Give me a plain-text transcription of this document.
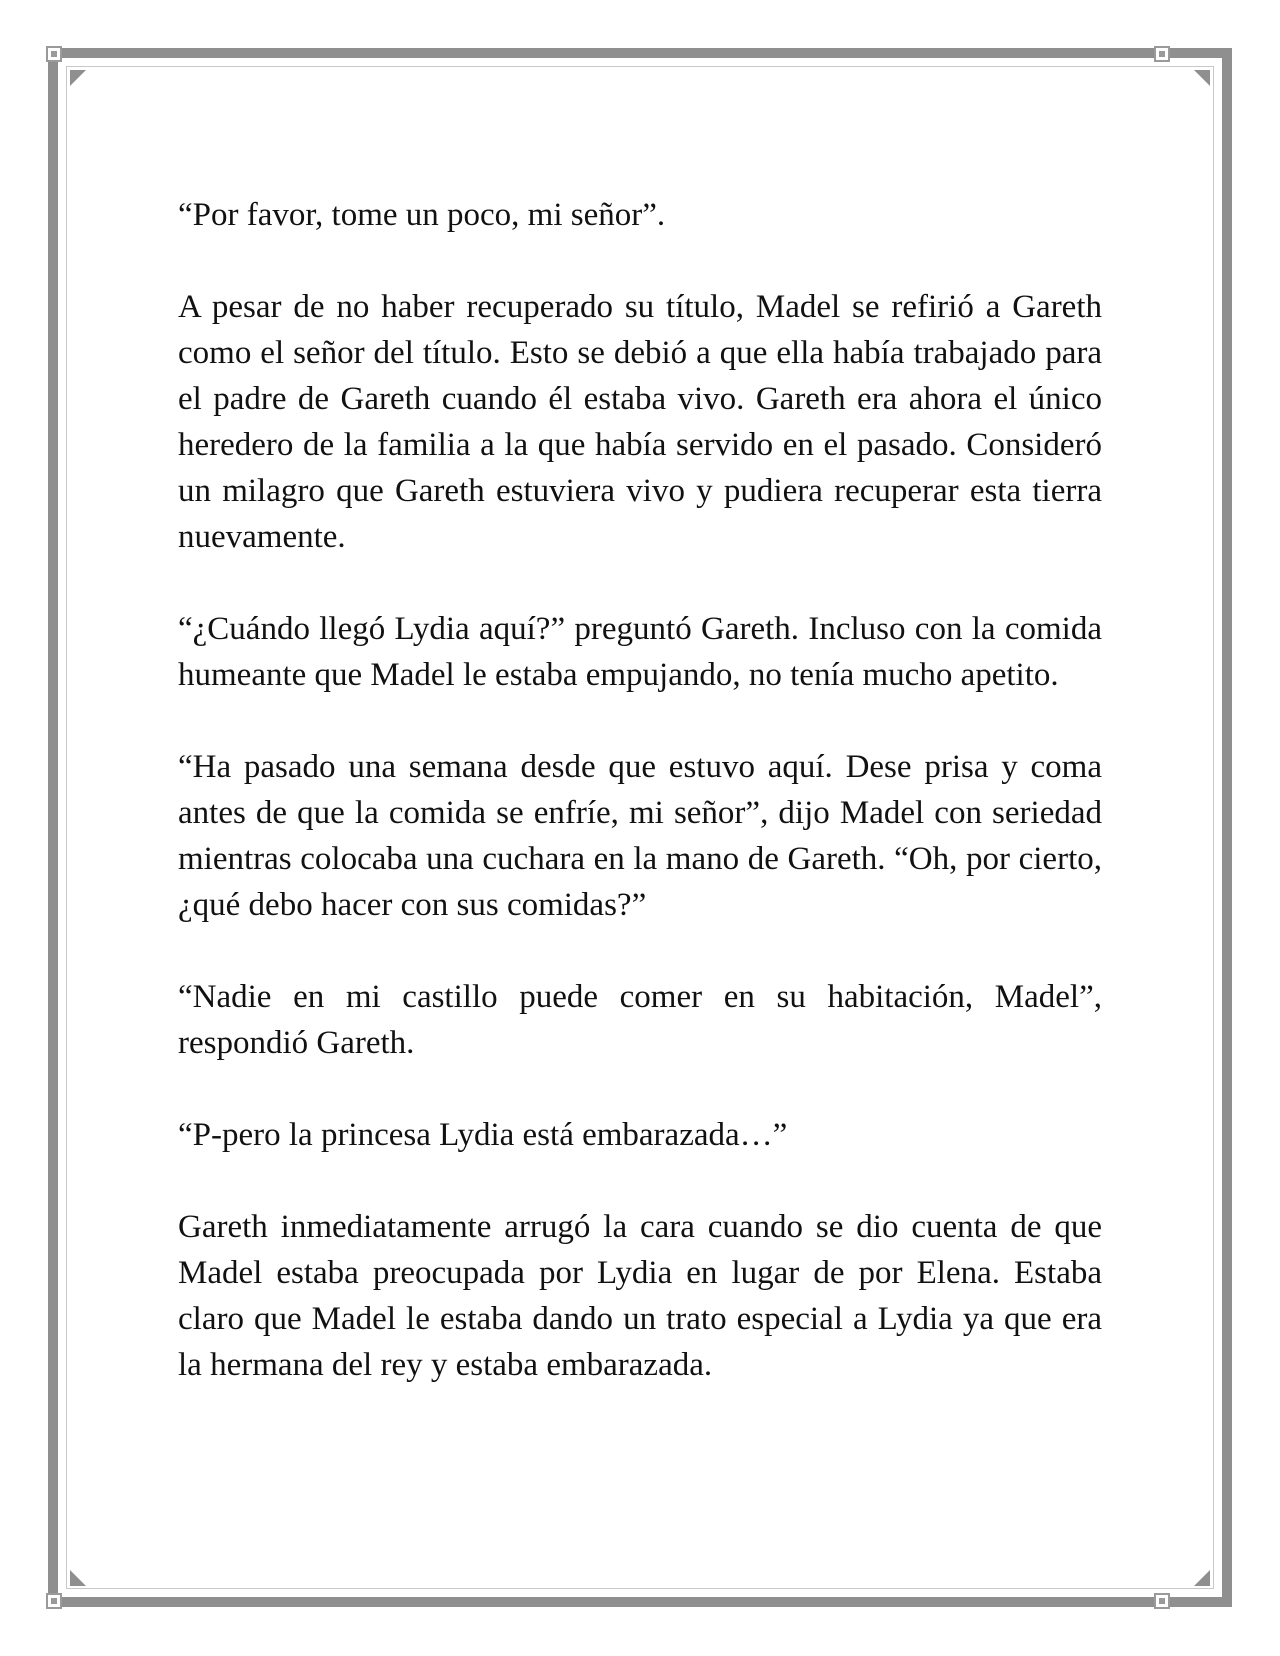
“Por favor, tome un poco, mi señor”.

A pesar de no haber recuperado su título, Madel se refirió a Gareth como el señor del título. Esto se debió a que ella había trabajado para el padre de Gareth cuando él estaba vivo. Gareth era ahora el único heredero de la familia a la que había servido en el pasado. Consideró un milagro que Gareth estuviera vivo y pudiera recuperar esta tierra nuevamente.

“¿Cuándo llegó Lydia aquí?” preguntó Gareth. Incluso con la comida humeante que Madel le estaba empujando, no tenía mucho apetito.

“Ha pasado una semana desde que estuvo aquí. Dese prisa y coma antes de que la comida se enfríe, mi señor”, dijo Madel con seriedad mientras colocaba una cuchara en la mano de Gareth. “Oh, por cierto, ¿qué debo hacer con sus comidas?”

“Nadie en mi castillo puede comer en su habitación, Madel”, respondió Gareth.

“P-pero la princesa Lydia está embarazada…”

Gareth inmediatamente arrugó la cara cuando se dio cuenta de que Madel estaba preocupada por Lydia en lugar de por Elena. Estaba claro que Madel le estaba dando un trato especial a Lydia ya que era la hermana del rey y estaba embarazada.
